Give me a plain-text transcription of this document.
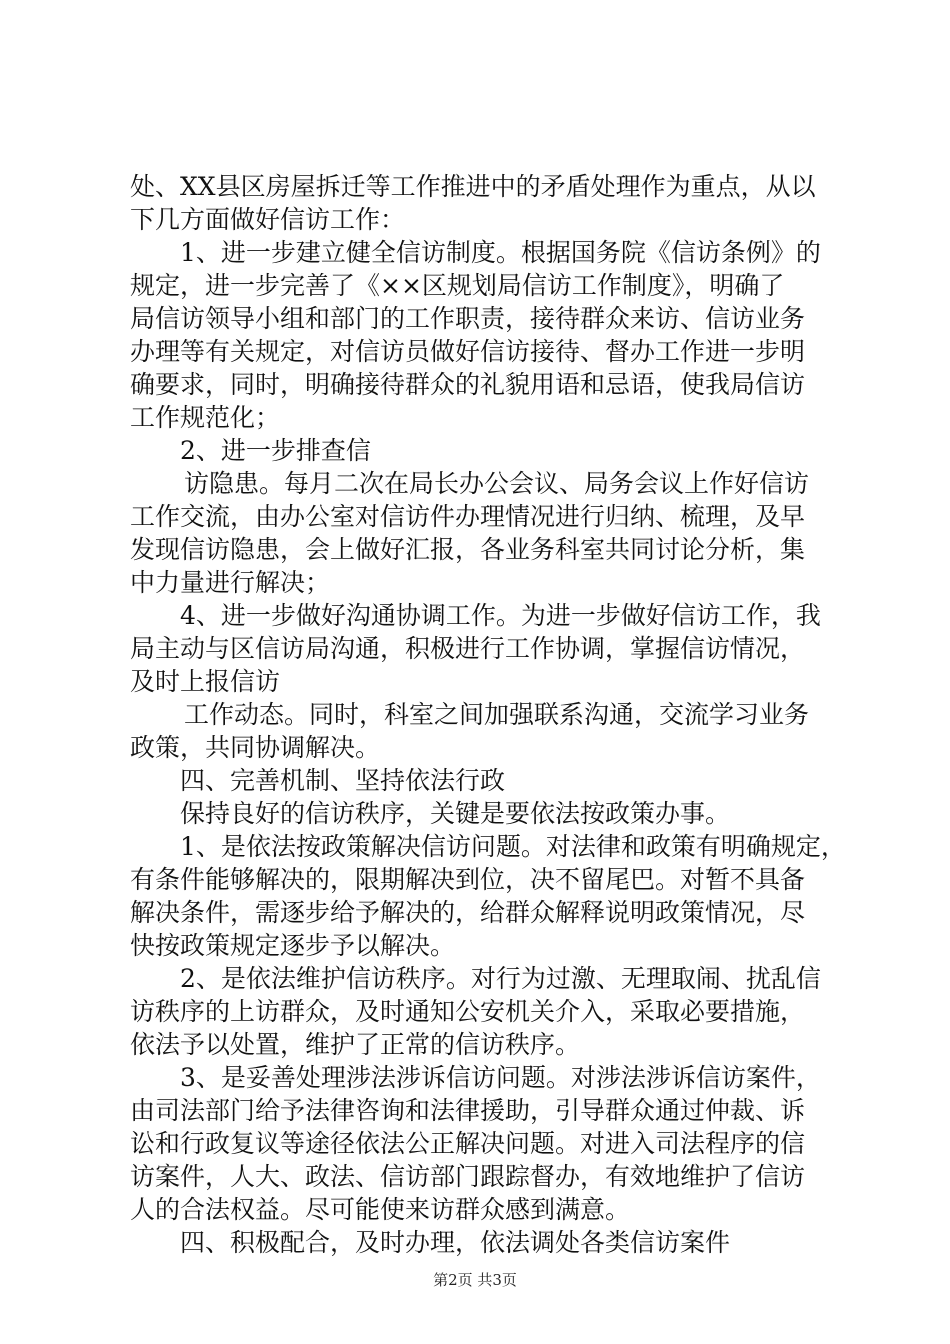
处、XX县区房屋拆迁等工作推进中的矛盾处理作为重点，从以
下几方面做好信访工作：
1、进一步建立健全信访制度。根据国务院《信访条例》的
规定，进一步完善了《××区规划局信访工作制度》，明确了
局信访领导小组和部门的工作职责，接待群众来访、信访业务
办理等有关规定，对信访员做好信访接待、督办工作进一步明
确要求，同时，明确接待群众的礼貌用语和忌语，使我局信访
工作规范化；
2、进一步排查信
访隐患。每月二次在局长办公会议、局务会议上作好信访
工作交流，由办公室对信访件办理情况进行归纳、梳理，及早
发现信访隐患，会上做好汇报，各业务科室共同讨论分析，集
中力量进行解决；
4、进一步做好沟通协调工作。为进一步做好信访工作，我
局主动与区信访局沟通，积极进行工作协调，掌握信访情况，
及时上报信访
工作动态。同时，科室之间加强联系沟通，交流学习业务
政策，共同协调解决。
四、完善机制、坚持依法行政
保持良好的信访秩序，关键是要依法按政策办事。
1、是依法按政策解决信访问题。对法律和政策有明确规定，
有条件能够解决的，限期解决到位，决不留尾巴。对暂不具备
解决条件，需逐步给予解决的，给群众解释说明政策情况，尽
快按政策规定逐步予以解决。
2、是依法维护信访秩序。对行为过激、无理取闹、扰乱信
访秩序的上访群众，及时通知公安机关介入，采取必要措施，
依法予以处置，维护了正常的信访秩序。
3、是妥善处理涉法涉诉信访问题。对涉法涉诉信访案件，
由司法部门给予法律咨询和法律援助，引导群众通过仲裁、诉
讼和行政复议等途径依法公正解决问题。对进入司法程序的信
访案件，人大、政法、信访部门跟踪督办，有效地维护了信访
人的合法权益。尽可能使来访群众感到满意。
四、积极配合，及时办理，依法调处各类信访案件
第2页 共3页
